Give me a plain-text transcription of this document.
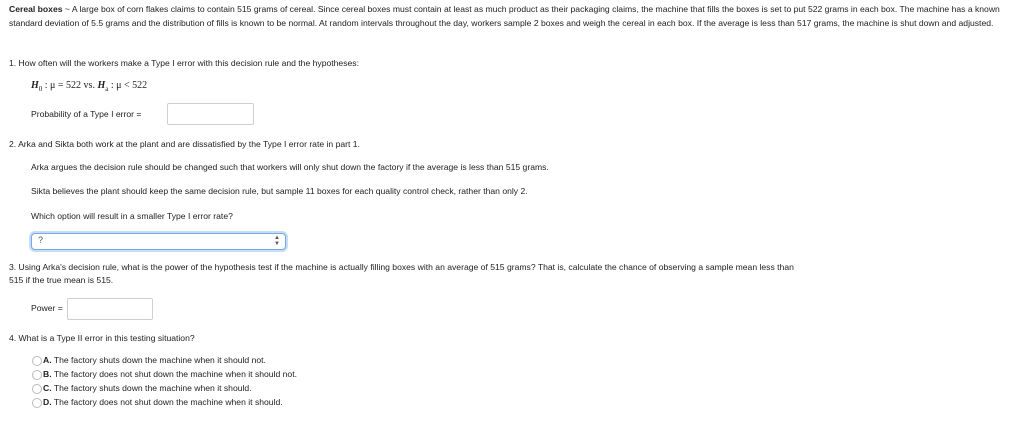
Cereal boxes ~ A large box of corn flakes claims to contain 515 grams of cereal. Since cereal boxes must contain at least as much product as their packaging claims, the machine that fills the boxes is set to put 522 grams in each box. The machine has a known standard deviation of 5.5 grams and the distribution of fills is known to be normal. At random intervals throughout the day, workers sample 2 boxes and weigh the cereal in each box. If the average is less than 517 grams, the machine is shut down and adjusted.
1. How often will the workers make a Type I error with this decision rule and the hypotheses:
$H_0$ : μ = 522 vs. $H_a$ : μ < 522
Probability of a Type I error =
2. Arka and Sikta both work at the plant and are dissatisfied by the Type I error rate in part 1.
Arka argues the decision rule should be changed such that workers will only shut down the factory if the average is less than 515 grams.
Sikta believes the plant should keep the same decision rule, but sample 11 boxes for each quality control check, rather than only 2.
Which option will result in a smaller Type I error rate?
?	▲
▼
3. Using Arka's decision rule, what is the power of the hypothesis test if the machine is actually filling boxes with an average of 515 grams? That is, calculate the chance of observing a sample mean less than
515 if the true mean is 515.
Power =
4. What is a Type II error in this testing situation?
A. The factory shuts down the machine when it should not.
B. The factory does not shut down the machine when it should not.
C. The factory shuts down the machine when it should.
D. The factory does not shut down the machine when it should.
